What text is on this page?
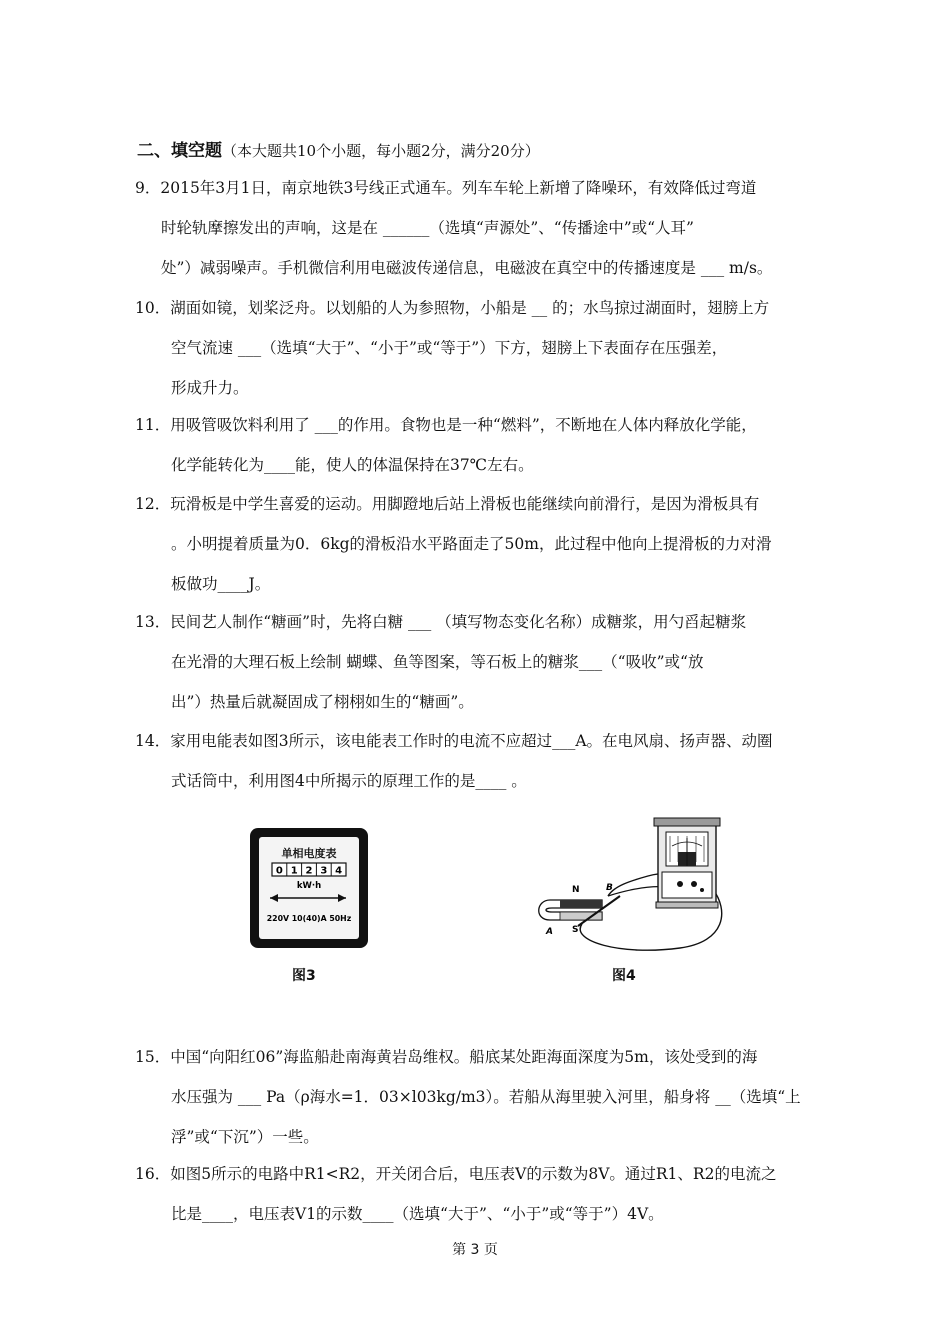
二、填空题（本大题共10个小题，每小题2分，满分20分）
9．2015年3月1日，南京地铁3号线正式通车。列车车轮上新增了降噪环，有效降低过弯道
时轮轨摩擦发出的声响，这是在 ______（选填“声源处”、“传播途中”或“人耳”
处”）减弱噪声。手机微信利用电磁波传递信息，电磁波在真空中的传播速度是 ___ m/s。
10．湖面如镜，划桨泛舟。以划船的人为参照物，小船是 __ 的；水鸟掠过湖面时，翅膀上方
空气流速 ___（选填“大于”、“小于”或“等于”）下方，翅膀上下表面存在压强差，
形成升力。
11．用吸管吸饮料利用了 ___的作用。食物也是一种“燃料”，不断地在人体内释放化学能，
化学能转化为____能，使人的体温保持在37℃左右。
12．玩滑板是中学生喜爱的运动。用脚蹬地后站上滑板也能继续向前滑行，是因为滑板具有
。小明提着质量为0．6kg的滑板沿水平路面走了50m，此过程中他向上提滑板的力对滑
板做功____J。
13．民间艺人制作“糖画”时，先将白糖 ___ （填写物态变化名称）成糖浆，用勺舀起糖浆
在光滑的大理石板上绘制 蝴蝶、鱼等图案，等石板上的糖浆___（“吸收”或“放
出”）热量后就凝固成了栩栩如生的“糖画”。
14．家用电能表如图3所示，该电能表工作时的电流不应超过___A。在电风扇、扬声器、动圈
式话筒中，利用图4中所揭示的原理工作的是____ 。
单相电度表
0 1 2 3 4
kW·h
220V 10(40)A 50Hz
图3
N
S
A
B
图4
15．中国“向阳红06”海监船赴南海黄岩岛维权。船底某处距海面深度为5m，该处受到的海
水压强为 ___ Pa（ρ海水=1．03×l03kg/m3）。若船从海里驶入河里，船身将 __（选填“上
浮”或“下沉”）一些。
16．如图5所示的电路中R1<R2，开关闭合后，电压表V的示数为8V。通过R1、R2的电流之
比是____，电压表V1的示数____（选填“大于”、“小于”或“等于”）4V。
第 3 页
